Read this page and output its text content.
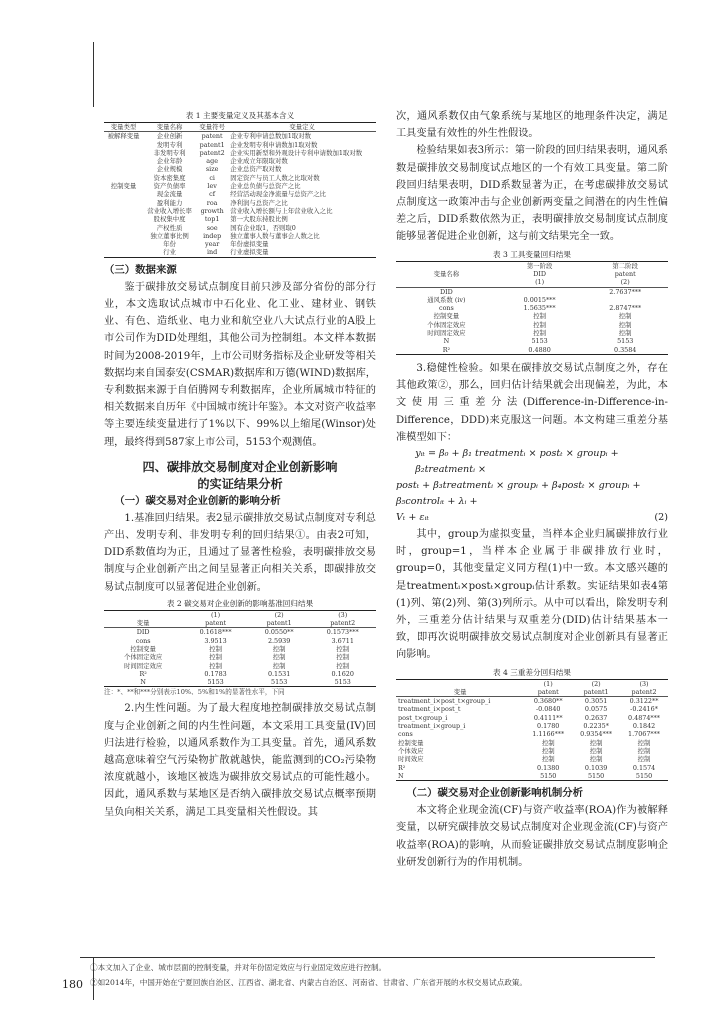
表 1 主要变量定义及其基本含义
变量类型	变量名称	变量符号	变量定义
被解释变量	企业创新	patent	企业专利申请总数加1取对数
	发明专利	patent1	企业发明专利申请数加1取对数
	非发明专利	patent2	企业实用新型和外观设计专利申请数加1取对数
	企业年龄	age	企业成立年限取对数
	企业规模	size	企业总资产取对数
	资本密集度	ci	固定资产与员工人数之比取对数
控制变量	资产负债率	lev	企业总负债与总资产之比
	现金流量	cf	经营活动现金净流量与总资产之比
	盈利能力	roa	净利润与总资产之比
	营业收入增长率	growth	营业收入增长额与上年营业收入之比
	股权集中度	top1	第一大股东持股比例
	产权性质	soe	国有企业取1，否则取0
	独立董事比例	indep	独立董事人数与董事会人数之比
	年份	year	年份虚拟变量
	行业	ind	行业虚拟变量
（三）数据来源

鉴于碳排放交易试点制度目前只涉及部分省份的部分行业，本文选取试点城市中石化业、化工业、建材业、钢铁业、有色、造纸业、电力业和航空业八大试点行业的A股上市公司作为DID处理组，其他公司为控制组。本文样本数据时间为2008-2019年，上市公司财务指标及企业研发等相关数据均来自国泰安(CSMAR)数据库和万德(WIND)数据库，专利数据来源于自佰腾网专利数据库，企业所属城市特征的相关数据来自历年《中国城市统计年鉴》。本文对资产收益率等主要连续变量进行了1%以下、99%以上缩尾(Winsor)处理，最终得到587家上市公司，5153个观测值。

四、碳排放交易制度对企业创新影响
的实证结果分析
（一）碳交易对企业创新的影响分析

1.基准回归结果。表2显示碳排放交易试点制度对专利总产出、发明专利、非发明专利的回归结果①。由表2可知，DID系数值均为正，且通过了显著性检验，表明碳排放交易制度与企业创新产出之间呈显著正向相关关系，即碳排放交易试点制度可以显著促进企业创新。

表 2 碳交易对企业创新的影响基准回归结果
	(1)	(2)	(3)
变量	patent	patent1	patent2
DID	0.1618***	0.0550**	0.1573***
cons	3.9513	2.5939	3.6711
控制变量	控制	控制	控制
个体固定效应	控制	控制	控制
时间固定效应	控制	控制	控制
R²	0.1783	0.1531	0.1620
N	5153	5153	5153
注：*、**和***分别表示10%、5%和1%的显著性水平，下同

2.内生性问题。为了最大程度地控制碳排放交易试点制度与企业创新之间的内生性问题，本文采用工具变量(IV)回归法进行检验，以通风系数作为工具变量。首先，通风系数越高意味着空气污染物扩散就越快，能监测到的CO₂污染物浓度就越小，该地区被选为碳排放交易试点的可能性越小。因此，通风系数与某地区是否纳入碳排放交易试点概率预期呈负向相关关系，满足工具变量相关性假设。其

次，通风系数仅由气象系统与某地区的地理条件决定，满足工具变量有效性的外生性假设。

检验结果如表3所示：第一阶段的回归结果表明，通风系数是碳排放交易制度试点地区的一个有效工具变量。第二阶段回归结果表明，DID系数显著为正，在考虑碳排放交易试点制度这一政策冲击与企业创新两变量之间潜在的内生性偏差之后，DID系数依然为正，表明碳排放交易制度试点制度能够显著促进企业创新，这与前文结果完全一致。

表 3 工具变量回归结果
	第一阶段	第二阶段
变量名称	DID	patent
	(1)	(2)
DID		2.7637***
通风系数 (iv)	0.0015***	
cons	1.5635***	2.8747***
控制变量	控制	控制
个体固定效应	控制	控制
时间固定效应	控制	控制
N	5153	5153
R²	0.4880	0.3584

3.稳健性检验。如果在碳排放交易试点制度之外，存在其他政策②，那么，回归估计结果就会出现偏差，为此，本文使用三重差分法(Difference-in-Difference-in-Difference，DDD)来克服这一问题。本文构建三重差分基准模型如下：

yᵢₜ = β₀ + β₁ treatmentᵢ × postₜ × groupᵢ + β₂treatmentᵢ ×
postₜ + β₃treatmentᵢ × groupᵢ + β₄postₜ × groupᵢ + β₅controlᵢₜ + λᵢ +
Vₜ + εᵢₜ	(2)

其中，group为虚拟变量，当样本企业归属碳排放行业时，group=1，当样本企业属于非碳排放行业时，group=0，其他变量定义同方程(1)中一致。本文感兴趣的是treatmentᵢ×postₜ×groupᵢ估计系数。实证结果如表4第(1)列、第(2)列、第(3)列所示。从中可以看出，除发明专利外，三重差分估计结果与双重差分(DID)估计结果基本一致，即再次说明碳排放交易试点制度对企业创新具有显著正向影响。

表 4 三重差分回归结果
	(1)	(2)	(3)
变量	patent	patent1	patent2
treatment_i×post_t×group_i	0.3680**	0.3051	0.3122**
treatment_i×post_t	-0.0840	0.0575	-0.2416*
post_t×group_i	0.4111**	0.2637	0.4874***
treatment_i×group_i	0.1780	0.2235*	0.1842
cons	1.1166***	0.9354***	1.7067***
控制变量	控制	控制	控制
个体效应	控制	控制	控制
时间效应	控制	控制	控制
R²	0.1380	0.1039	0.1574
N	5150	5150	5150
（二）碳交易对企业创新影响机制分析

本文将企业现金流(CF)与资产收益率(ROA)作为被解释变量，以研究碳排放交易试点制度对企业现金流(CF)与资产收益率(ROA)的影响，从而验证碳排放交易试点制度影响企业研发创新行为的作用机制。

①本文加入了企业、城市层面的控制变量，并对年份固定效应与行业固定效应进行控制。
②如2014年，中国开始在宁夏回族自治区、江西省、湖北省、内蒙古自治区、河南省、甘肃省、广东省开展的水权交易试点政策。
180
